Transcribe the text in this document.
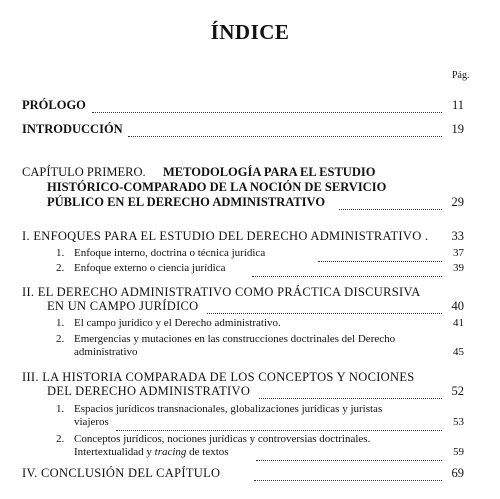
ÍNDICE
Pág.
PRÓLOGO	11
INTRODUCCIÓN	19
CAPÍTULO PRIMERO. METODOLOGÍA PARA EL ESTUDIO
HISTÓRICO-COMPARADO DE LA NOCIÓN DE SERVICIO
PÚBLICO EN EL DERECHO ADMINISTRATIVO	29
I. ENFOQUES PARA EL ESTUDIO DEL DERECHO ADMINISTRATIVO . 33
1. Enfoque interno, doctrina o técnica jurídica	37
2. Enfoque externo o ciencia jurídica	39
II. EL DERECHO ADMINISTRATIVO COMO PRÁCTICA DISCURSIVA
EN UN CAMPO JURÍDICO	40
1. El campo jurídico y el Derecho administrativo.	41
2. Emergencias y mutaciones en las construcciones doctrinales del Derecho
administrativo	45
III. LA HISTORIA COMPARADA DE LOS CONCEPTOS Y NOCIONES
DEL DERECHO ADMINISTRATIVO	52
1. Espacios jurídicos transnacionales, globalizaciones jurídicas y juristas
viajeros	53
2. Conceptos jurídicos, nociones jurídicas y controversias doctrinales.
Intertextualidad y tracing de textos	59
IV. CONCLUSIÓN DEL CAPÍTULO	69
